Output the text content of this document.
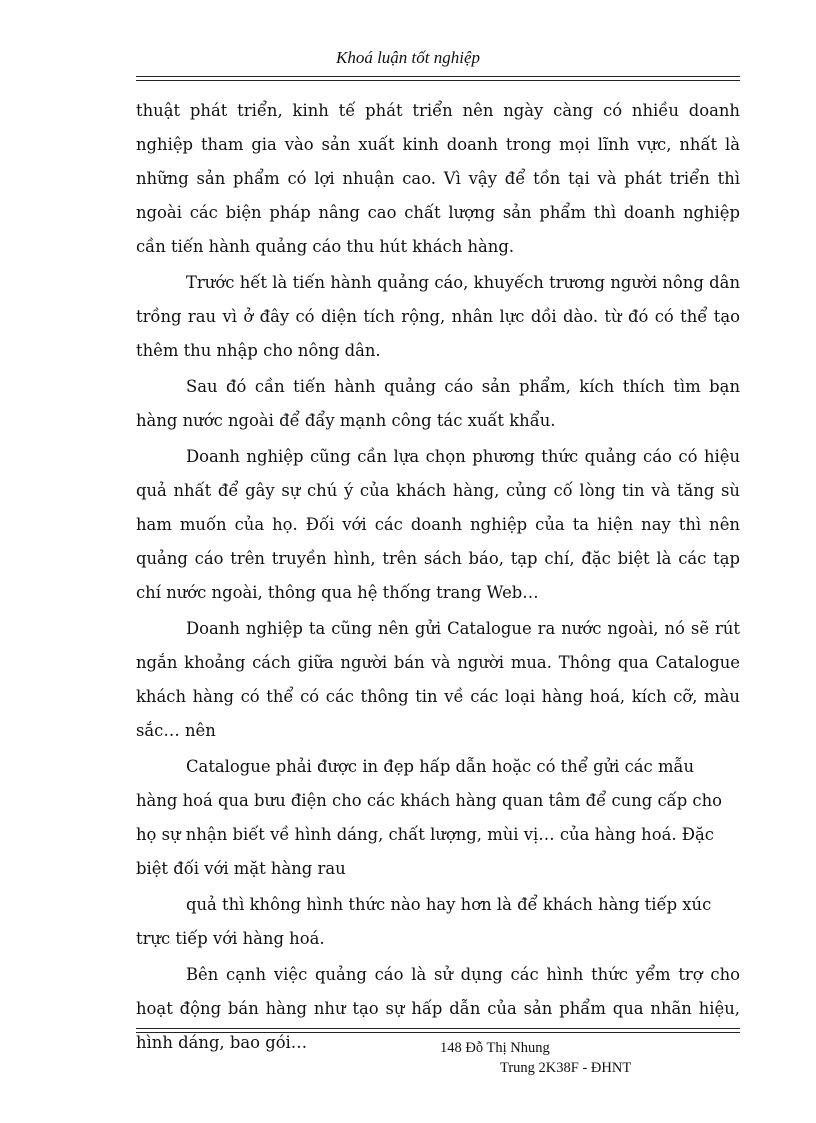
Khoá luận tốt nghiệp

thuật phát triển, kinh tế phát triển nên ngày càng có nhiều doanh nghiệp tham gia vào sản xuất kinh doanh trong mọi lĩnh vực, nhất là những sản phẩm có lợi nhuận cao. Vì vậy để tồn tại và phát triển thì ngoài các biện pháp nâng cao chất lượng sản phẩm thì doanh nghiệp cần tiến hành quảng cáo thu hút khách hàng.

Trước hết là tiến hành quảng cáo, khuyếch trương người nông dân trồng rau vì ở đây có diện tích rộng, nhân lực dồi dào. từ đó có thể tạo thêm thu nhập cho nông dân.

Sau đó cần tiến hành quảng cáo sản phẩm, kích thích tìm bạn hàng nước ngoài để đẩy mạnh công tác xuất khẩu.

Doanh nghiệp cũng cần lựa chọn phương thức quảng cáo có hiệu quả nhất để gây sự chú ý của khách hàng, củng cố lòng tin và tăng sù ham muốn của họ. Đối với các doanh nghiệp của ta hiện nay thì nên quảng cáo trên truyền hình, trên sách báo, tạp chí, đặc biệt là các tạp chí nước ngoài, thông qua hệ thống trang Web…

Doanh nghiệp ta cũng nên gửi Catalogue ra nước ngoài, nó sẽ rút ngắn khoảng cách giữa người bán và người mua. Thông qua Catalogue khách hàng có thể có các thông tin về các loại hàng hoá, kích cỡ, màu sắc… nên

Catalogue phải được in đẹp hấp dẫn hoặc có thể gửi các mẫu hàng hoá qua bưu điện cho các khách hàng quan tâm để cung cấp cho họ sự nhận biết về hình dáng, chất lượng, mùi vị… của hàng hoá. Đặc biệt đối với mặt hàng rau

quả thì không hình thức nào hay hơn là để khách hàng tiếp xúc trực tiếp với hàng hoá.

Bên cạnh việc quảng cáo là sử dụng các hình thức yểm trợ cho hoạt động bán hàng như tạo sự hấp dẫn của sản phẩm qua nhãn hiệu, hình dáng, bao gói…	148 Đỗ Thị Nhung
Trung 2K38F - ĐHNT
